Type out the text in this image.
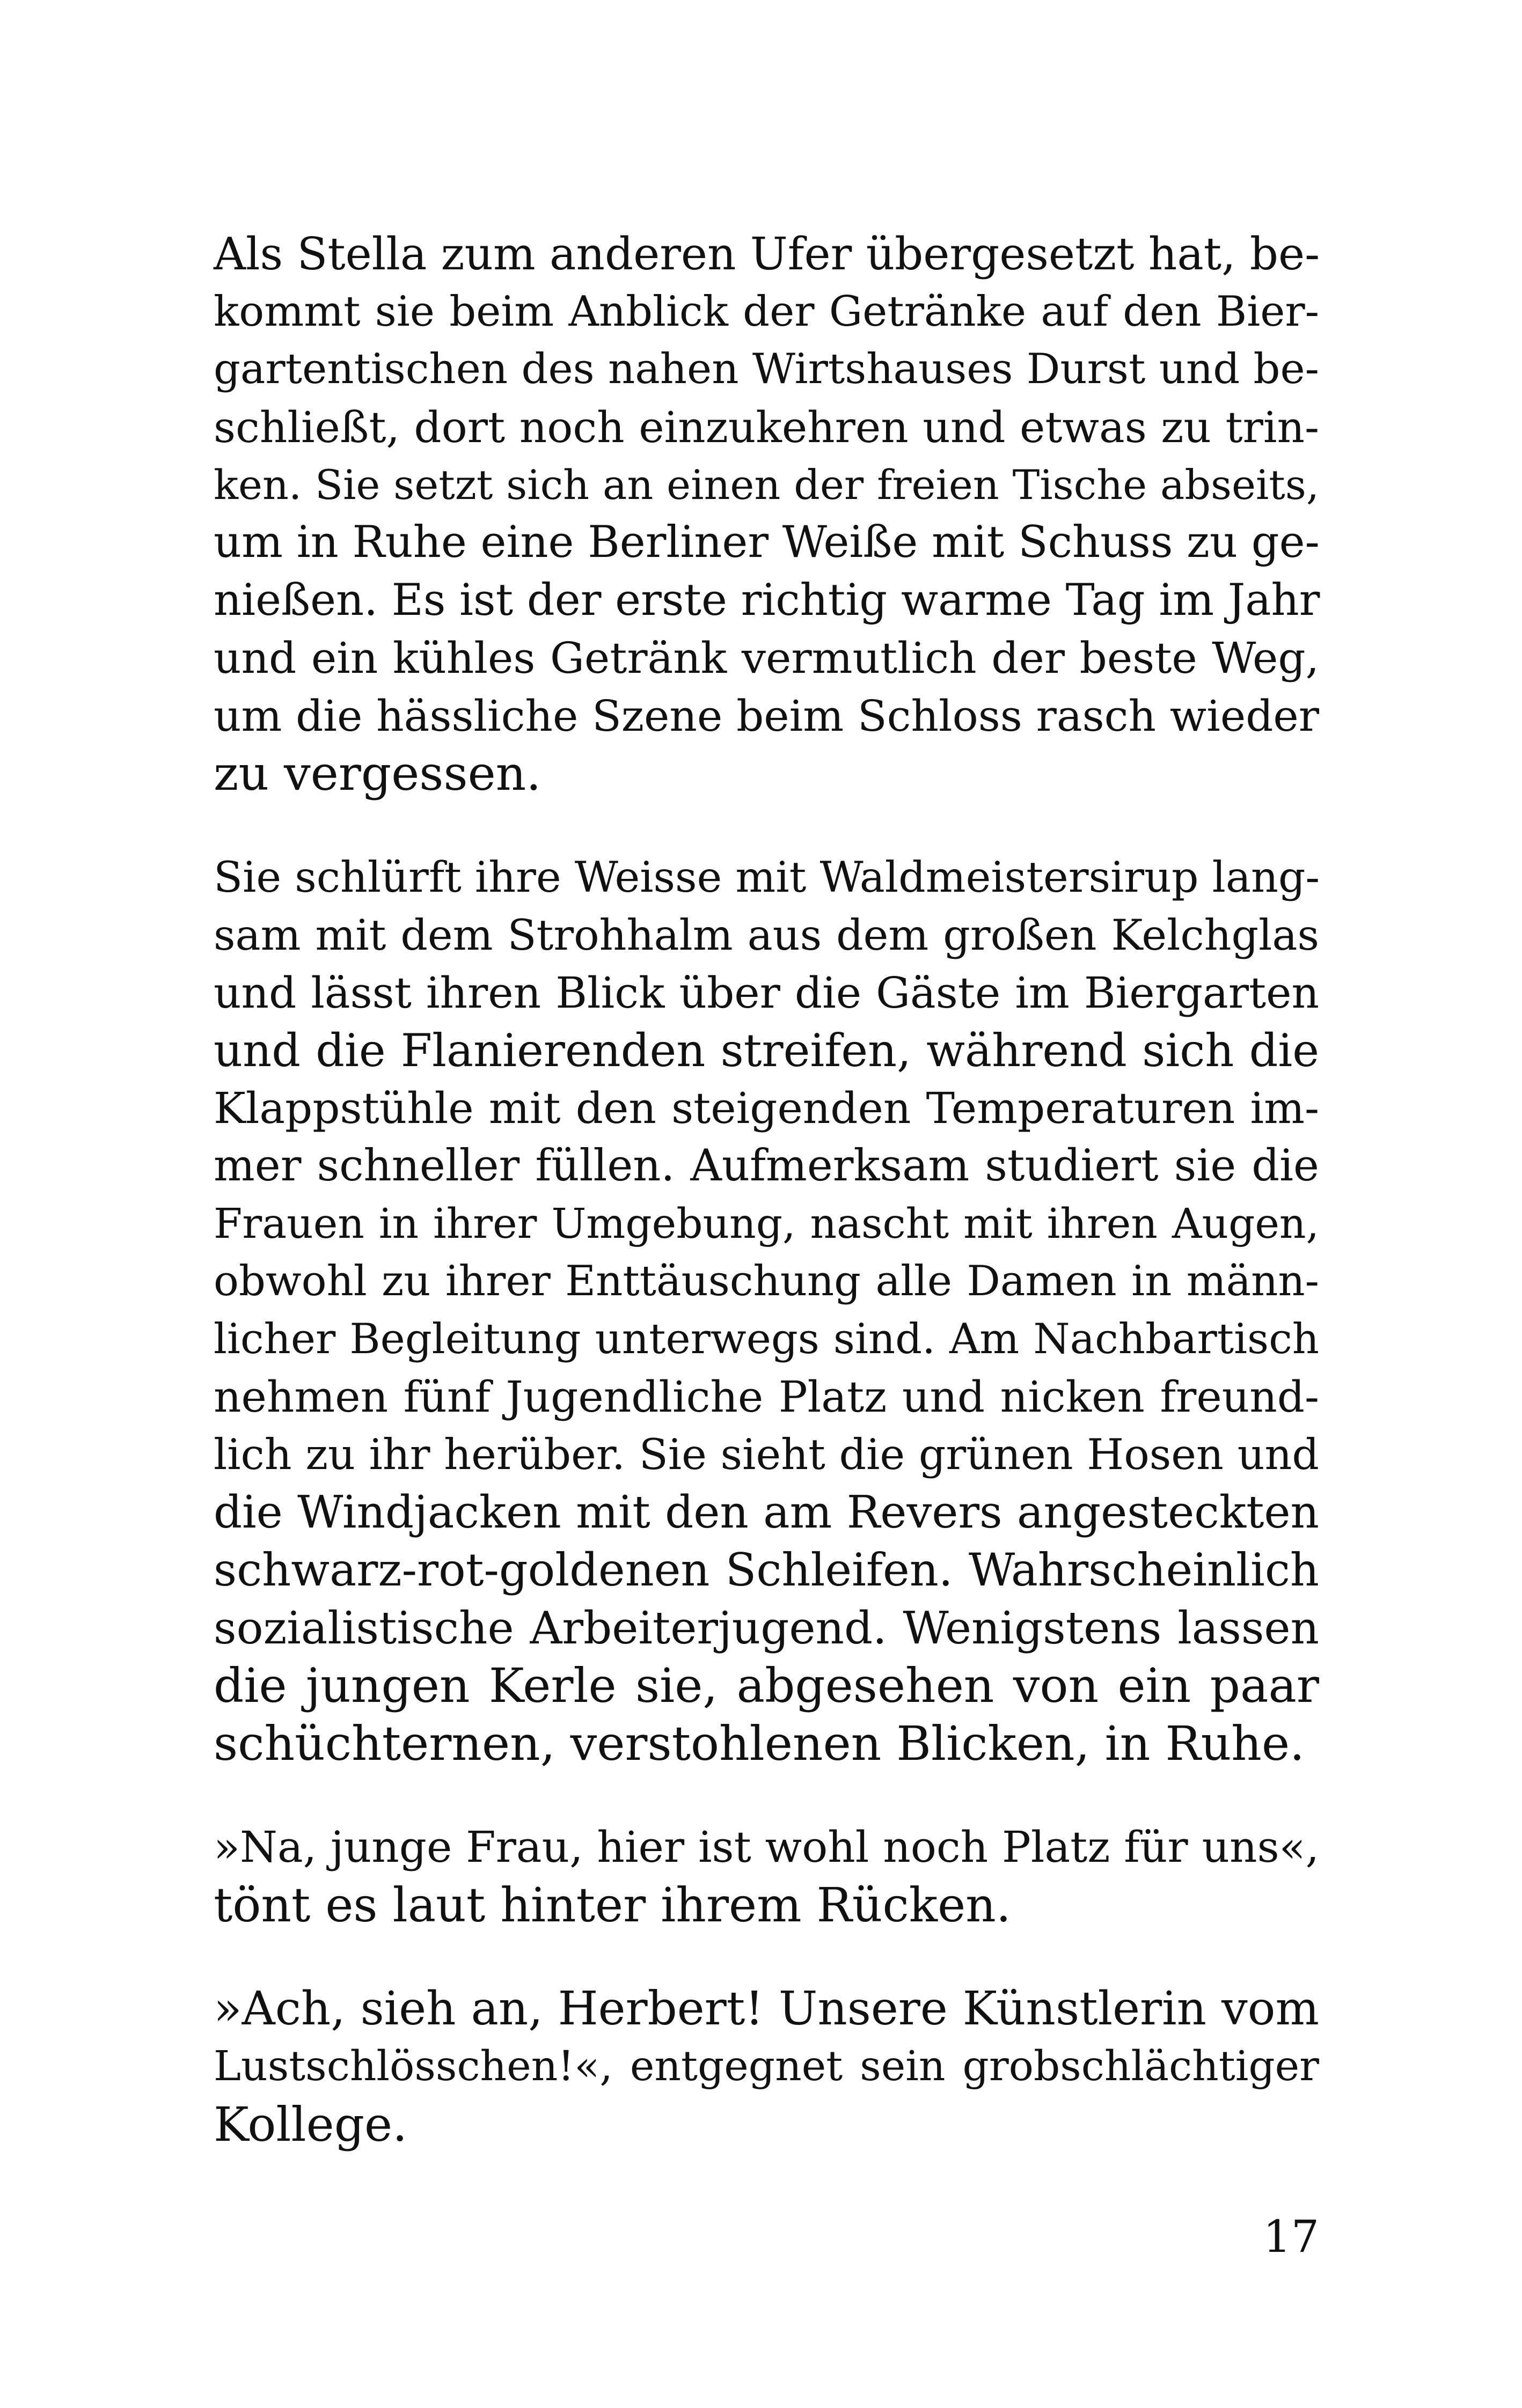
Als Stella zum anderen Ufer übergesetzt hat, be-
kommt sie beim Anblick der Getränke auf den Bier-
gartentischen des nahen Wirtshauses Durst und be-
schließt, dort noch einzukehren und etwas zu trin-
ken. Sie setzt sich an einen der freien Tische abseits,
um in Ruhe eine Berliner Weiße mit Schuss zu ge-
nießen. Es ist der erste richtig warme Tag im Jahr
und ein kühles Getränk vermutlich der beste Weg,
um die hässliche Szene beim Schloss rasch wieder
zu vergessen.
Sie schlürft ihre Weisse mit Waldmeistersirup lang-
sam mit dem Strohhalm aus dem großen Kelchglas
und lässt ihren Blick über die Gäste im Biergarten
und die Flanierenden streifen, während sich die
Klappstühle mit den steigenden Temperaturen im-
mer schneller füllen. Aufmerksam studiert sie die
Frauen in ihrer Umgebung, nascht mit ihren Augen,
obwohl zu ihrer Enttäuschung alle Damen in männ-
licher Begleitung unterwegs sind. Am Nachbartisch
nehmen fünf Jugendliche Platz und nicken freund-
lich zu ihr herüber. Sie sieht die grünen Hosen und
die Windjacken mit den am Revers angesteckten
schwarz-rot-goldenen Schleifen. Wahrscheinlich
sozialistische Arbeiterjugend. Wenigstens lassen
die jungen Kerle sie, abgesehen von ein paar
schüchternen, verstohlenen Blicken, in Ruhe.
»Na, junge Frau, hier ist wohl noch Platz für uns«,
tönt es laut hinter ihrem Rücken.
»Ach, sieh an, Herbert! Unsere Künstlerin vom
Lustschlösschen!«, entgegnet sein grobschlächtiger
Kollege.
17
